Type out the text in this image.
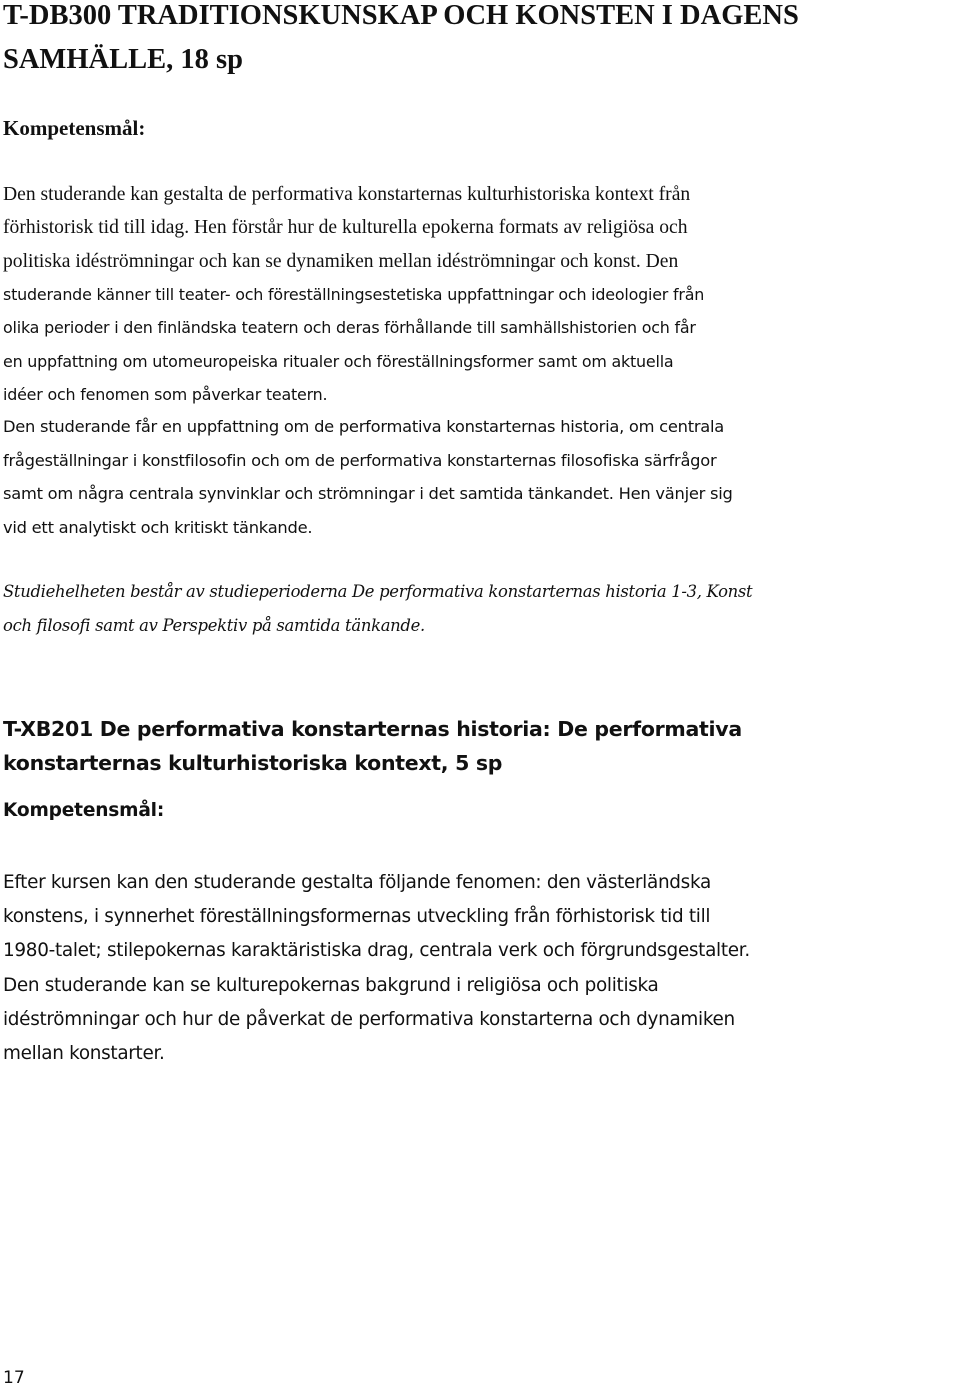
T-DB300 TRADITIONSKUNSKAP OCH KONSTEN I DAGENS
SAMHÄLLE, 18 sp
Kompetensmål:

Den studerande kan gestalta de performativa konstarternas kulturhistoriska kontext från
förhistorisk tid till idag. Hen förstår hur de kulturella epokerna formats av religiösa och
politiska idéströmningar och kan se dynamiken mellan idéströmningar och konst. Den

studerande känner till teater- och föreställningsestetiska uppfattningar och ideologier från
olika perioder i den finländska teatern och deras förhållande till samhällshistorien och får
en uppfattning om utomeuropeiska ritualer och föreställningsformer samt om aktuella
idéer och fenomen som påverkar teatern.

Den studerande får en uppfattning om de performativa konstarternas historia, om centrala
frågeställningar i konstfilosofin och om de performativa konstarternas filosofiska särfrågor
samt om några centrala synvinklar och strömningar i det samtida tänkandet. Hen vänjer sig
vid ett analytiskt och kritiskt tänkande.

Studiehelheten består av studieperioderna De performativa konstarternas historia 1-3, Konst
och filosofi samt av Perspektiv på samtida tänkande.

T-XB201 De performativa konstarternas historia: De performativa
konstarternas kulturhistoriska kontext, 5 sp
Kompetensmål:

Efter kursen kan den studerande gestalta följande fenomen: den västerländska
konstens, i synnerhet föreställningsformernas utveckling från förhistorisk tid till
1980-talet; stilepokernas karaktäristiska drag, centrala verk och förgrundsgestalter.
Den studerande kan se kulturepokernas bakgrund i religiösa och politiska
idéströmningar och hur de påverkat de performativa konstarterna och dynamiken
mellan konstarter.

17
